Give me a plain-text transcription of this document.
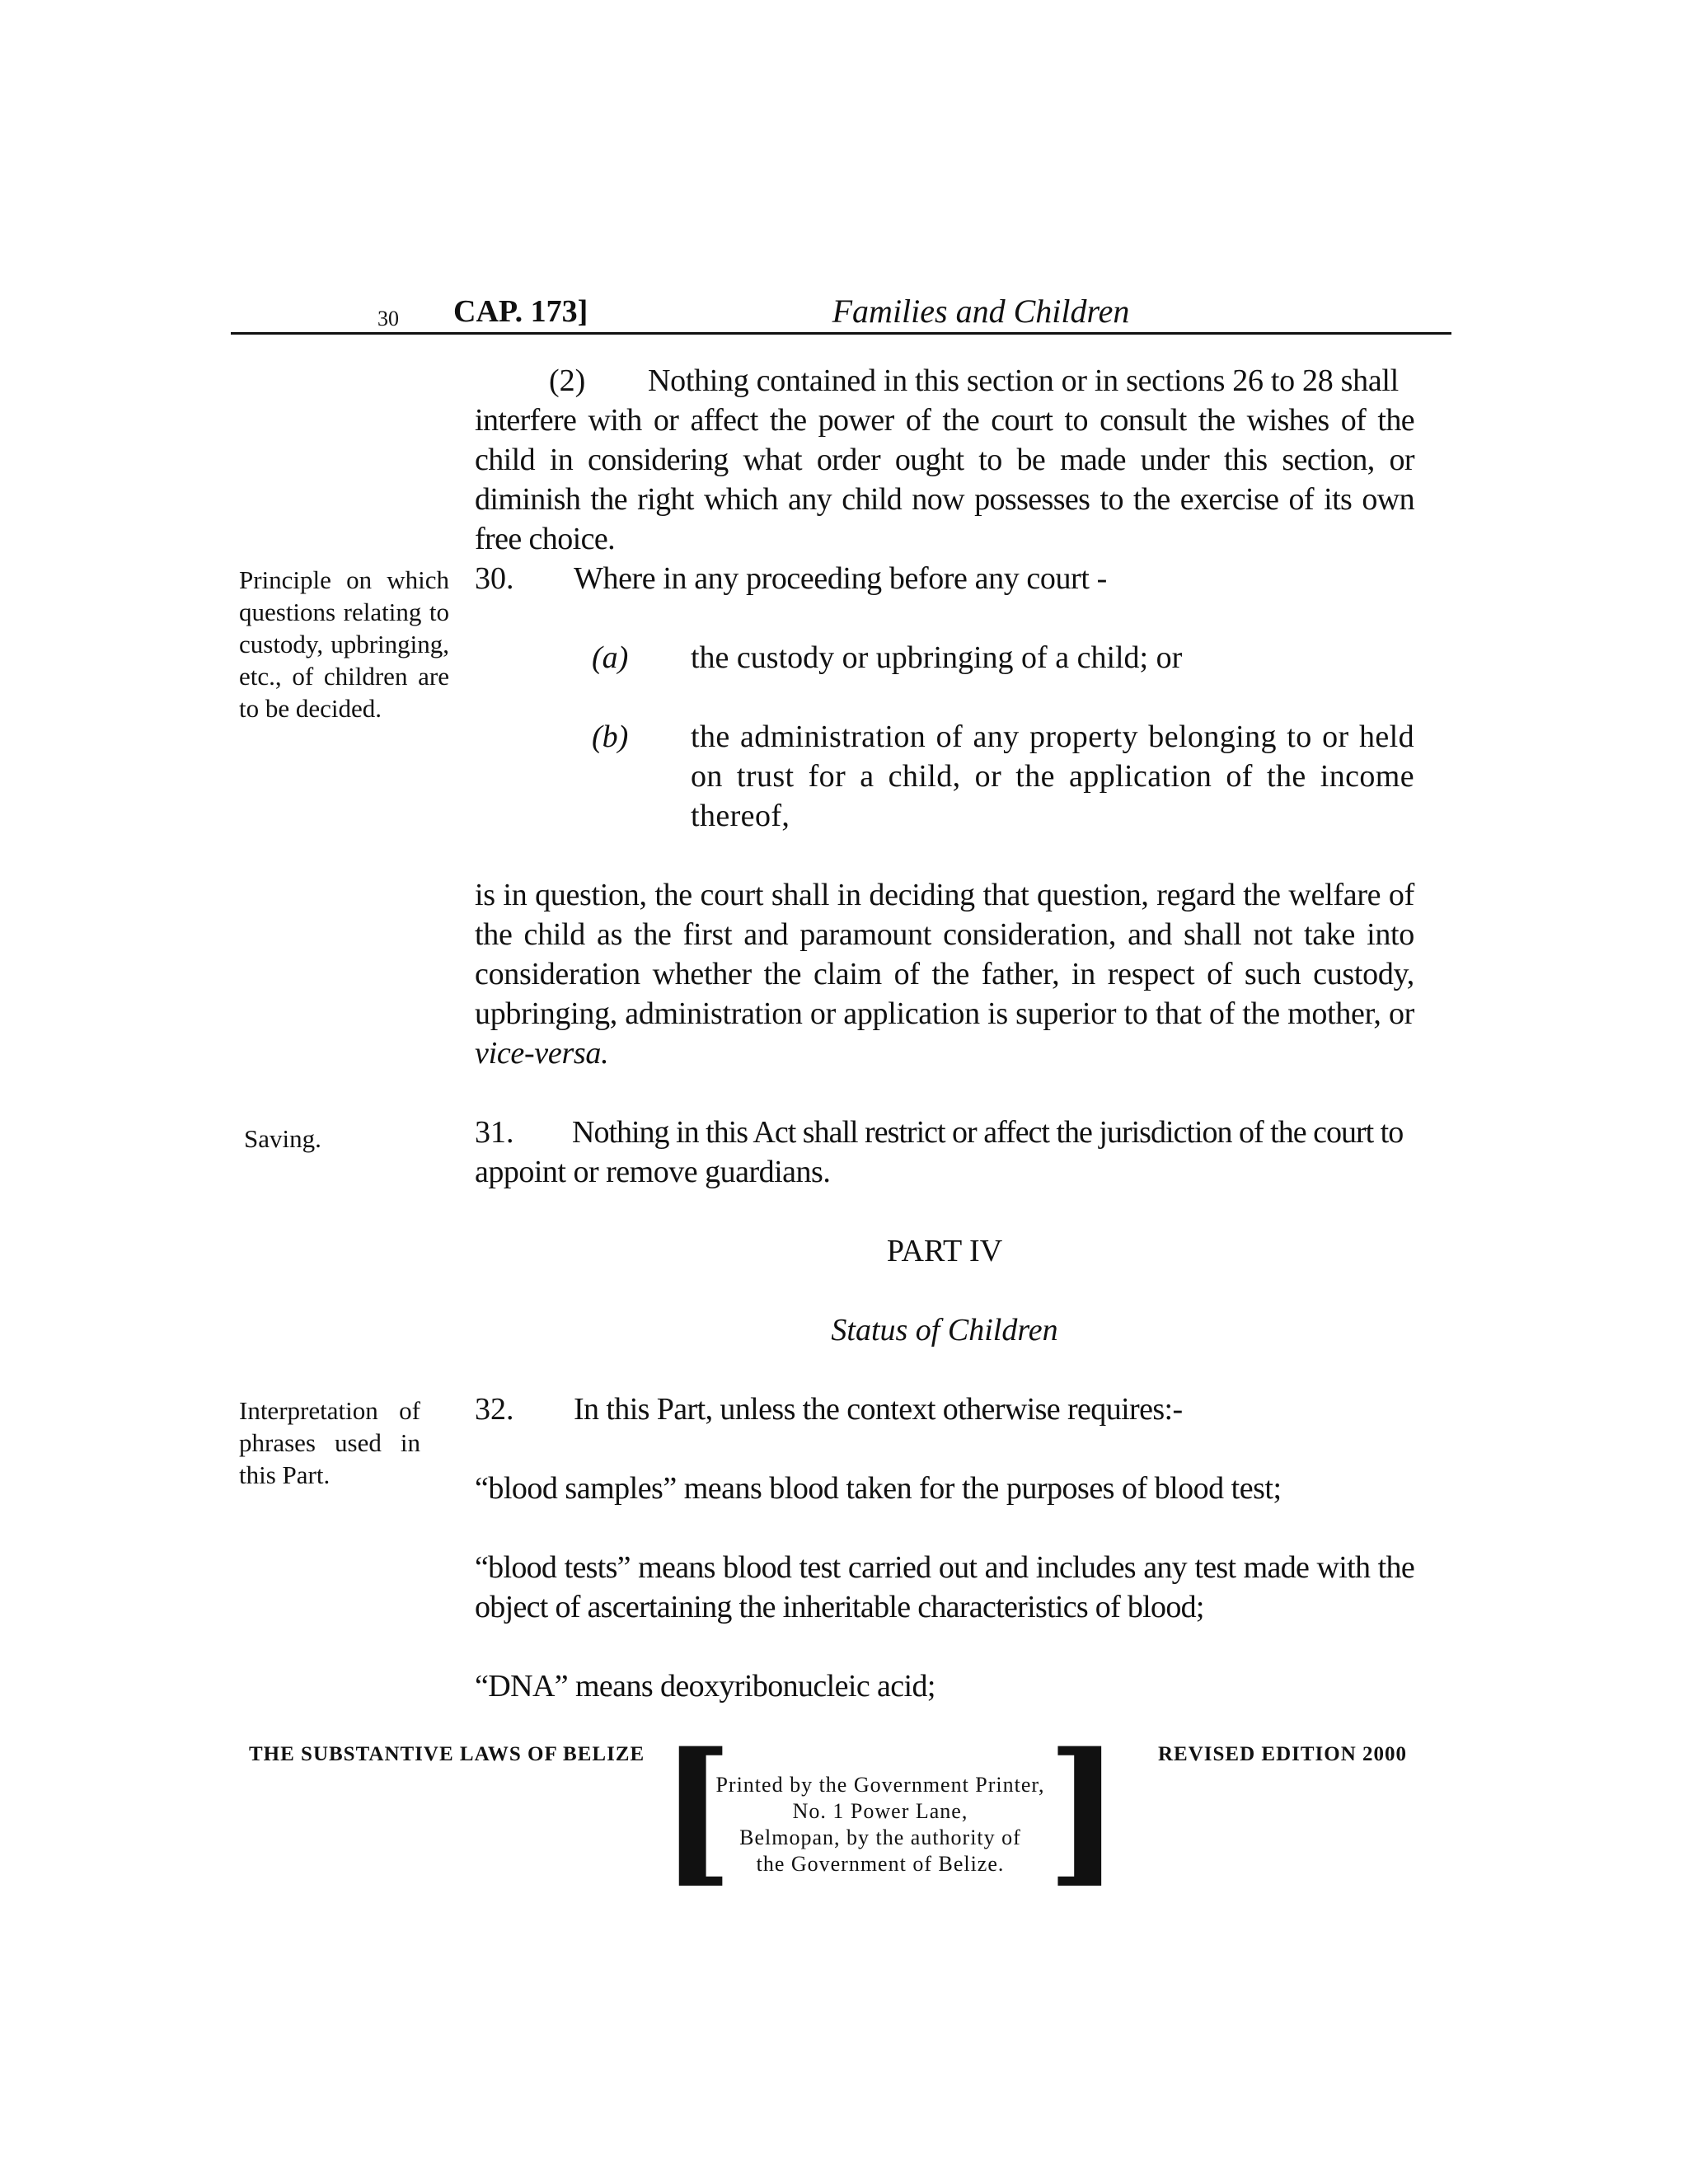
30 CAP. 173]	Families and Children
(2) Nothing contained in this section or in sections 26 to 28 shall
interfere with or affect the power of the court to consult the wishes of the child in considering what order ought to be made under this section, or diminish the right which any child now possesses to the exercise of its own free choice.
Principle on which questions relating to custody, upbringing, etc., of children are to be decided.
30. Where in any proceeding before any court -
(a) the custody or upbringing of a child; or
(b) the administration of any property belonging to or held on trust for a child, or the application of the income thereof,
is in question, the court shall in deciding that question, regard the welfare of the child as the first and paramount consideration, and shall not take into consideration whether the claim of the father, in respect of such custody, upbringing, administration or application is superior to that of the mother, or vice-versa.
Saving.	31. Nothing in this Act shall restrict or affect the jurisdiction of the court to
appoint or remove guardians.
PART IV
Status of Children
Interpretation of phrases used in this Part.
32. In this Part, unless the context otherwise requires:-
“blood samples” means blood taken for the purposes of blood test;
“blood tests” means blood test carried out and includes any test made with the object of ascertaining the inheritable characteristics of blood;
“DNA” means deoxyribonucleic acid;
THE SUBSTANTIVE LAWS OF BELIZE	REVISED EDITION 2000
[ ]
Printed by the Government Printer,
No. 1 Power Lane,
Belmopan, by the authority of
the Government of Belize.
